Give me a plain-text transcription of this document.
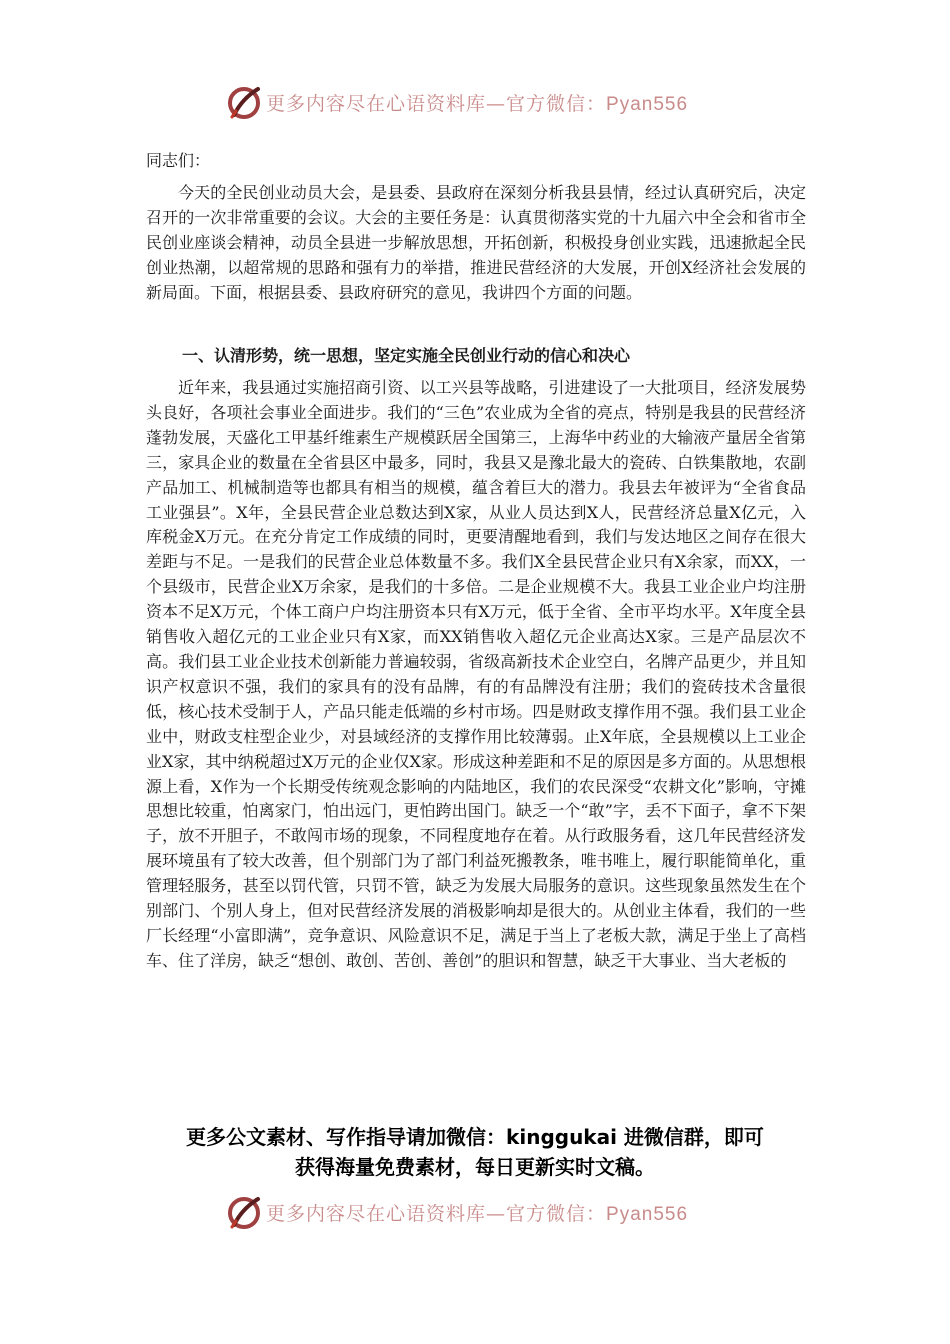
更多内容尽在心语资料库—官方微信：Pyan556
同志们：

今天的全民创业动员大会，是县委、县政府在深刻分析我县县情，经过认真研究后，决定召开的一次非常重要的会议。大会的主要任务是：认真贯彻落实党的十九届六中全会和省市全民创业座谈会精神，动员全县进一步解放思想，开拓创新，积极投身创业实践，迅速掀起全民创业热潮，以超常规的思路和强有力的举措，推进民营经济的大发展，开创X经济社会发展的新局面。下面，根据县委、县政府研究的意见，我讲四个方面的问题。

一、认清形势，统一思想，坚定实施全民创业行动的信心和决心

近年来，我县通过实施招商引资、以工兴县等战略，引进建设了一大批项目，经济发展势头良好，各项社会事业全面进步。我们的“三色”农业成为全省的亮点，特别是我县的民营经济蓬勃发展，天盛化工甲基纤维素生产规模跃居全国第三，上海华中药业的大输液产量居全省第三，家具企业的数量在全省县区中最多，同时，我县又是豫北最大的瓷砖、白铁集散地，农副产品加工、机械制造等也都具有相当的规模，蕴含着巨大的潜力。我县去年被评为“全省食品工业强县”。X年，全县民营企业总数达到X家，从业人员达到X人，民营经济总量X亿元，入库税金X万元。在充分肯定工作成绩的同时，更要清醒地看到，我们与发达地区之间存在很大差距与不足。一是我们的民营企业总体数量不多。我们X全县民营企业只有X余家，而XX，一个县级市，民营企业X万余家，是我们的十多倍。二是企业规模不大。我县工业企业户均注册资本不足X万元，个体工商户户均注册资本只有X万元，低于全省、全市平均水平。X年度全县销售收入超亿元的工业企业只有X家，而XX销售收入超亿元企业高达X家。三是产品层次不高。我们县工业企业技术创新能力普遍较弱，省级高新技术企业空白，名牌产品更少，并且知识产权意识不强，我们的家具有的没有品牌，有的有品牌没有注册；我们的瓷砖技术含量很低，核心技术受制于人，产品只能走低端的乡村市场。四是财政支撑作用不强。我们县工业企业中，财政支柱型企业少，对县域经济的支撑作用比较薄弱。止X年底，全县规模以上工业企业X家，其中纳税超过X万元的企业仅X家。形成这种差距和不足的原因是多方面的。从思想根源上看，X作为一个长期受传统观念影响的内陆地区，我们的农民深受“农耕文化”影响，守摊思想比较重，怕离家门，怕出远门，更怕跨出国门。缺乏一个“敢”字，丢不下面子，拿不下架子，放不开胆子，不敢闯市场的现象，不同程度地存在着。从行政服务看，这几年民营经济发展环境虽有了较大改善，但个别部门为了部门利益死搬教条，唯书唯上，履行职能简单化，重管理轻服务，甚至以罚代管，只罚不管，缺乏为发展大局服务的意识。这些现象虽然发生在个别部门、个别人身上，但对民营经济发展的消极影响却是很大的。从创业主体看，我们的一些厂长经理“小富即满”，竞争意识、风险意识不足，满足于当上了老板大款，满足于坐上了高档车、住了洋房，缺乏“想创、敢创、苦创、善创”的胆识和智慧，缺乏干大事业、当大老板的

更多公文素材、写作指导请加微信：kinggukai 进微信群，即可
获得海量免费素材，每日更新实时文稿。
更多内容尽在心语资料库—官方微信：Pyan556
